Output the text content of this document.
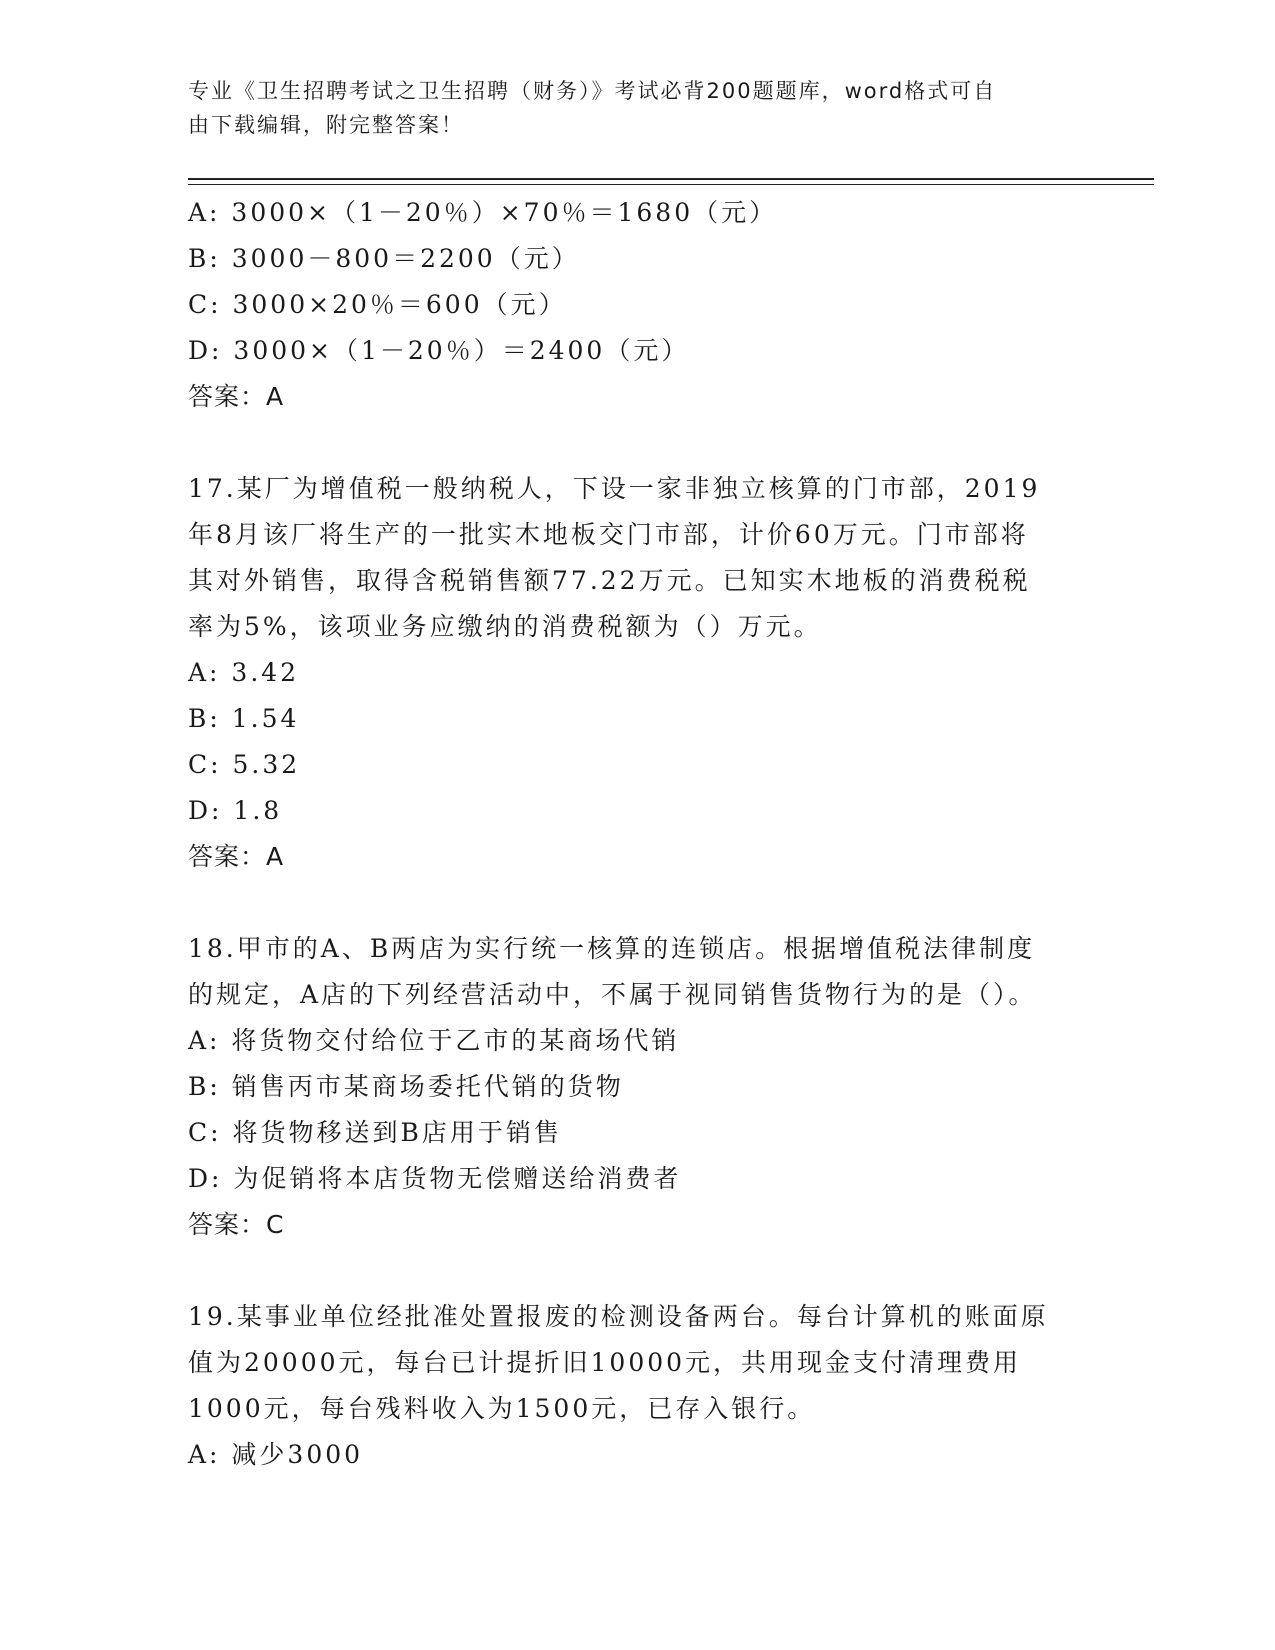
专业《卫生招聘考试之卫生招聘（财务）》考试必背200题题库，word格式可自
由下载编辑，附完整答案！
A: 3000×（1－20％）×70％＝1680（元）
B: 3000－800＝2200（元）
C: 3000×20％＝600（元）
D: 3000×（1－20％）＝2400（元）
答案：A
17.某厂为增值税一般纳税人，下设一家非独立核算的门市部，2019
年8月该厂将生产的一批实木地板交门市部，计价60万元。门市部将
其对外销售，取得含税销售额77.22万元。已知实木地板的消费税税
率为5%，该项业务应缴纳的消费税额为（）万元。
A: 3.42
B: 1.54
C: 5.32
D: 1.8
答案：A
18.甲市的A、B两店为实行统一核算的连锁店。根据增值税法律制度
的规定，A店的下列经营活动中，不属于视同销售货物行为的是（）。
A: 将货物交付给位于乙市的某商场代销
B: 销售丙市某商场委托代销的货物
C: 将货物移送到B店用于销售
D: 为促销将本店货物无偿赠送给消费者
答案：C
19.某事业单位经批准处置报废的检测设备两台。每台计算机的账面原
值为20000元，每台已计提折旧10000元，共用现金支付清理费用
1000元，每台残料收入为1500元，已存入银行。
A: 减少3000
